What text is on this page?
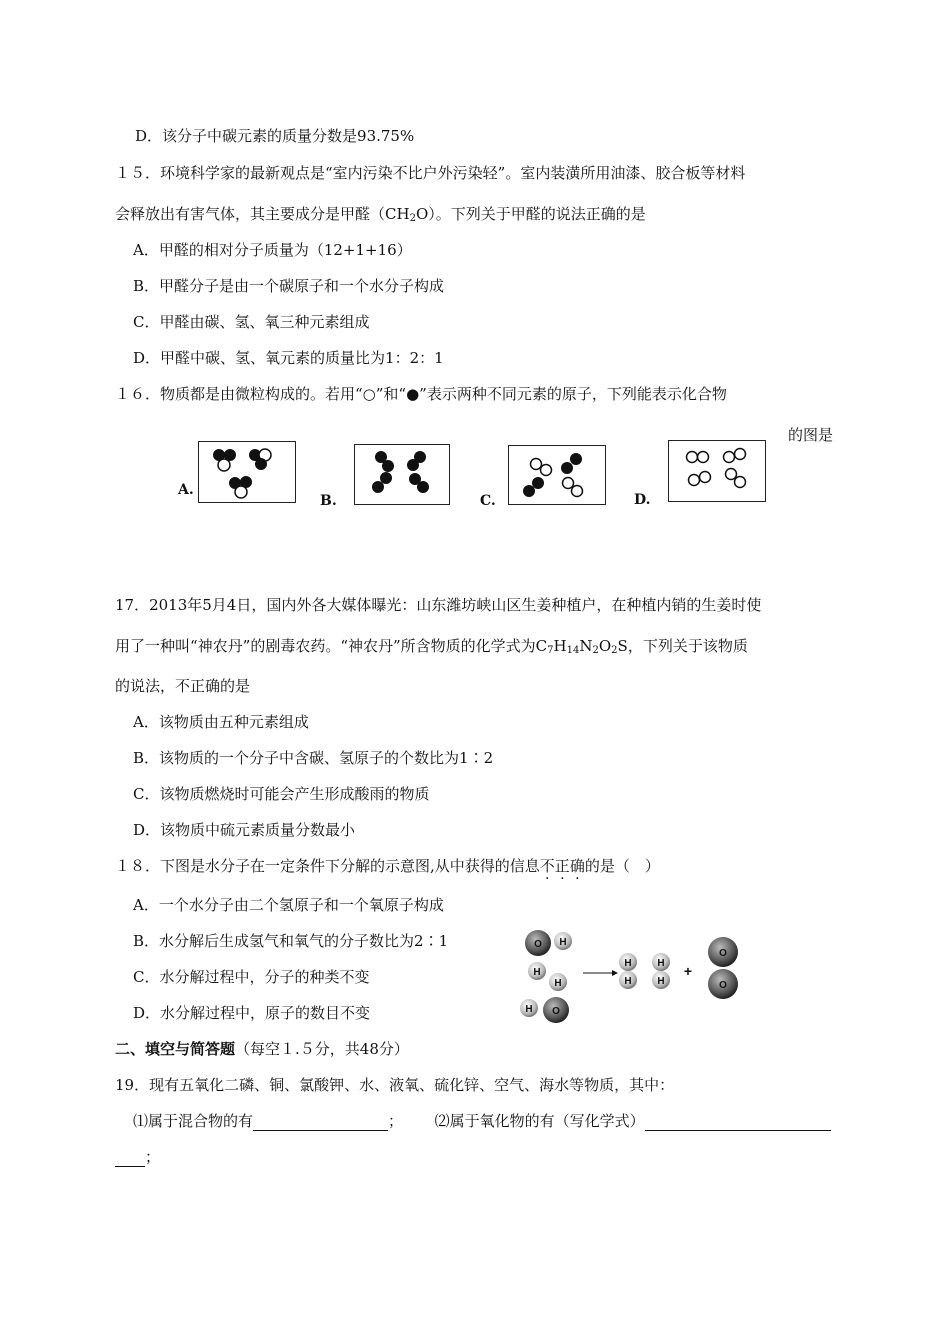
D．该分子中碳元素的质量分数是93.75%
１５．环境科学家的最新观点是“室内污染不比户外污染轻”。室内装潢所用油漆、胶合板等材料
会释放出有害气体，其主要成分是甲醛$(CH_2O)$。下列关于甲醛的说法正确的是
A．甲醛的相对分子质量为（12+1+16）
B．甲醛分子是由一个碳原子和一个水分子构成
C．甲醛由碳、氢、氧三种元素组成
D．甲醛中碳、氢、氧元素的质量比为1：2：1
１６．物质都是由微粒构成的。若用“○”和“●”表示两种不同元素的原子，下列能表示化合物
的图是
A.
B.	C.	D.
17．2013年5月4日，国内外各大媒体曝光：山东潍坊峡山区生姜种植户，在种植内销的生姜时使
用了一种叫“神农丹”的剧毒农药。“神农丹”所含物质的化学式为$C_7H_{14}N_2O_2S$，下列关于该物质
的说法，不正确的是
A．该物质由五种元素组成
B．该物质的一个分子中含碳、氢原子的个数比为1∶2
C．该物质燃烧时可能会产生形成酸雨的物质
D．该物质中硫元素质量分数最小
１８．下图是水分子在一定条件下分解的示意图,从中获得的信息不正确的是（　）
A．一个水分子由二个氢原子和一个氧原子构成
B．水分解后生成氢气和氧气的分子数比为2∶1
C．水分解过程中，分子的种类不变
D．水分解过程中，原子的数目不变
O H
H
H
H O
H
H
H
H
+
O
O
二、填空与简答题（每空１.５分，共48分）
19．现有五氧化二磷、铜、氯酸钾、水、液氧、硫化锌、空气、海水等物质，其中：
⑴属于混合物的有	； ⑵属于氧化物的有（写化学式）
；
